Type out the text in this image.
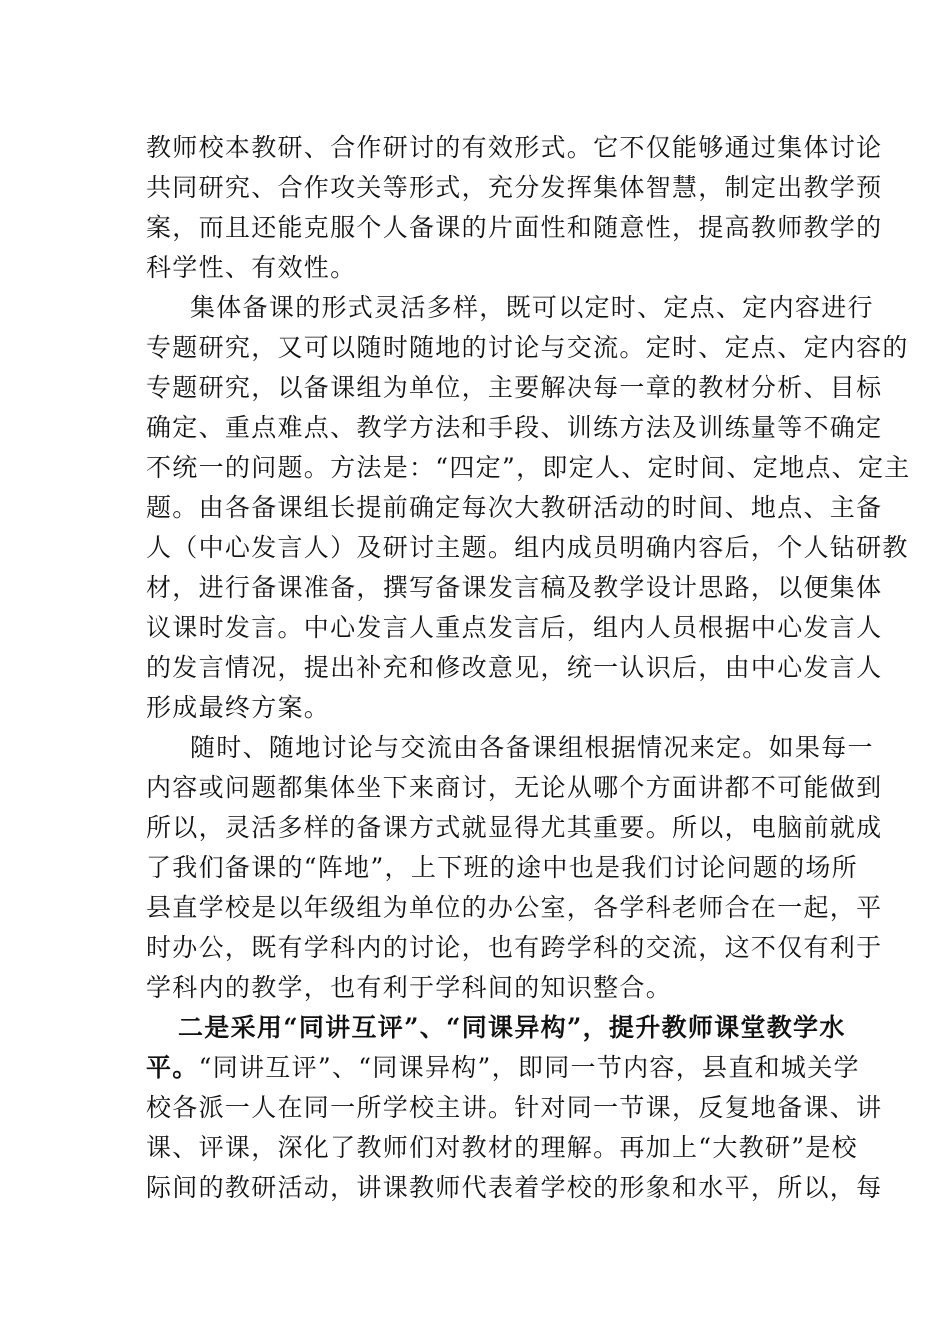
教师校本教研、合作研讨的有效形式。它不仅能够通过集体讨论
共同研究、合作攻关等形式，充分发挥集体智慧，制定出教学预
案，而且还能克服个人备课的片面性和随意性，提高教师教学的
科学性、有效性。
集体备课的形式灵活多样，既可以定时、定点、定内容进行
专题研究，又可以随时随地的讨论与交流。定时、定点、定内容的
专题研究，以备课组为单位，主要解决每一章的教材分析、目标
确定、重点难点、教学方法和手段、训练方法及训练量等不确定
不统一的问题。方法是：“四定”，即定人、定时间、定地点、定主
题。由各备课组长提前确定每次大教研活动的时间、地点、主备
人（中心发言人）及研讨主题。组内成员明确内容后，个人钻研教
材，进行备课准备，撰写备课发言稿及教学设计思路，以便集体
议课时发言。中心发言人重点发言后，组内人员根据中心发言人
的发言情况，提出补充和修改意见，统一认识后，由中心发言人
形成最终方案。
随时、随地讨论与交流由各备课组根据情况来定。如果每一
内容或问题都集体坐下来商讨，无论从哪个方面讲都不可能做到
所以，灵活多样的备课方式就显得尤其重要。所以，电脑前就成
了我们备课的“阵地”，上下班的途中也是我们讨论问题的场所
县直学校是以年级组为单位的办公室，各学科老师合在一起，平
时办公，既有学科内的讨论，也有跨学科的交流，这不仅有利于
学科内的教学，也有利于学科间的知识整合。
二是采用“同讲互评”、“同课异构”，提升教师课堂教学水
平。“同讲互评”、“同课异构”，即同一节内容，县直和城关学
校各派一人在同一所学校主讲。针对同一节课，反复地备课、讲
课、评课，深化了教师们对教材的理解。再加上“大教研”是校
际间的教研活动，讲课教师代表着学校的形象和水平，所以，每
